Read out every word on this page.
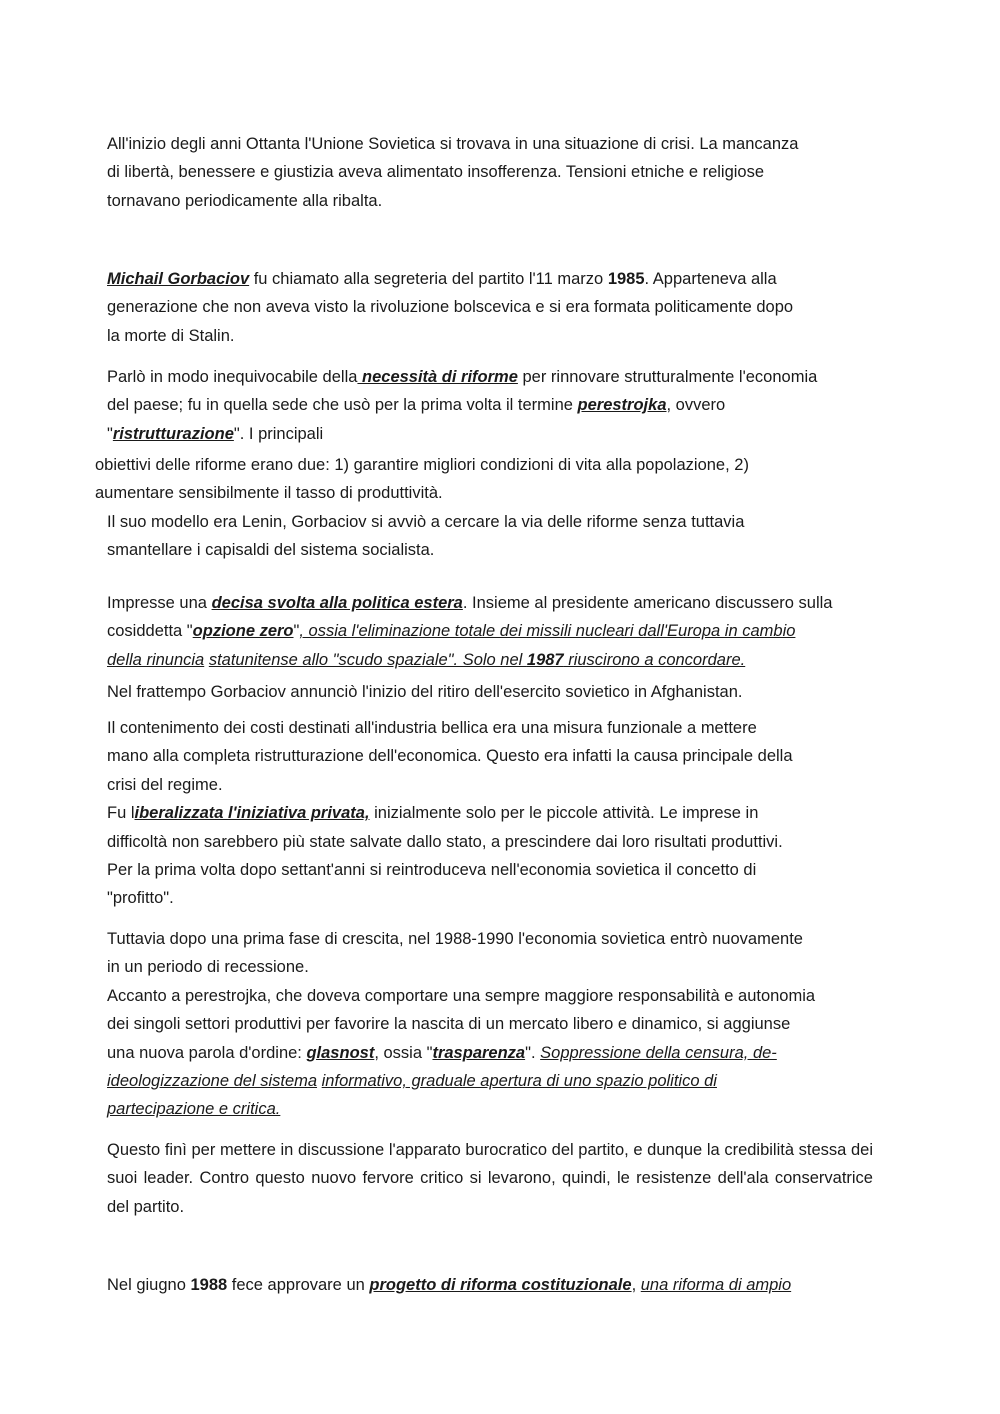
All'inizio degli anni Ottanta l'Unione Sovietica si trovava in una situazione di crisi. La mancanza
di libertà, benessere e giustizia aveva alimentato insofferenza. Tensioni etniche e religiose
tornavano periodicamente alla ribalta.

Michail Gorbaciov fu chiamato alla segreteria del partito l'11 marzo 1985. Apparteneva alla
generazione che non aveva visto la rivoluzione bolscevica e si era formata politicamente dopo
la morte di Stalin.

Parlò in modo inequivocabile della necessità di riforme per rinnovare strutturalmente l'economia
del paese; fu in quella sede che usò per la prima volta il termine perestrojka, ovvero
"ristrutturazione". I principali

obiettivi delle riforme erano due: 1) garantire migliori condizioni di vita alla popolazione, 2)
aumentare sensibilmente il tasso di produttività.

Il suo modello era Lenin, Gorbaciov si avviò a cercare la via delle riforme senza tuttavia
smantellare i capisaldi del sistema socialista.

Impresse una decisa svolta alla politica estera. Insieme al presidente americano discussero sulla
cosiddetta "opzione zero", ossia l'eliminazione totale dei missili nucleari dall'Europa in cambio
della rinuncia statunitense allo "scudo spaziale". Solo nel 1987 riuscirono a concordare.

Nel frattempo Gorbaciov annunciò l'inizio del ritiro dell'esercito sovietico in Afghanistan.

Il contenimento dei costi destinati all'industria bellica era una misura funzionale a mettere
mano alla completa ristrutturazione dell'economica. Questo era infatti la causa principale della
crisi del regime.
Fu liberalizzata l'iniziativa privata, inizialmente solo per le piccole attività. Le imprese in
difficoltà non sarebbero più state salvate dallo stato, a prescindere dai loro risultati produttivi.
Per la prima volta dopo settant'anni si reintroduceva nell'economia sovietica il concetto di
"profitto".

Tuttavia dopo una prima fase di crescita, nel 1988-1990 l'economia sovietica entrò nuovamente
in un periodo di recessione.
Accanto a perestrojka, che doveva comportare una sempre maggiore responsabilità e autonomia
dei singoli settori produttivi per favorire la nascita di un mercato libero e dinamico, si aggiunse
una nuova parola d'ordine: glasnost, ossia "trasparenza". Soppressione della censura, de-
ideologizzazione del sistema informativo, graduale apertura di uno spazio politico di
partecipazione e critica.

Questo finì per mettere in discussione l'apparato burocratico del partito, e dunque la credibilità stessa dei suoi leader. Contro questo nuovo fervore critico si levarono, quindi, le resistenze dell'ala conservatrice del partito.

Nel giugno 1988 fece approvare un progetto di riforma costituzionale, una riforma di ampio
